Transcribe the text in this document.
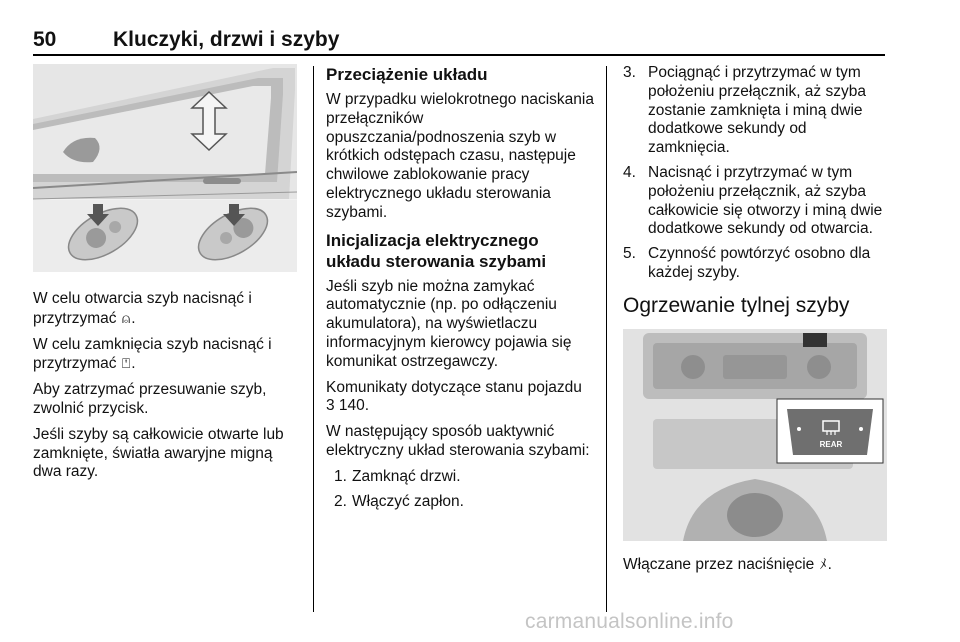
50	Kluczyki, drzwi i szyby

W celu otwarcia szyb nacisnąć i przytrzymać ⍝.

W celu zamknięcia szyb nacisnąć i przytrzymać ⍞.

Aby zatrzymać przesuwanie szyb, zwolnić przycisk.

Jeśli szyby są całkowicie otwarte lub zamknięte, światła awaryjne migną dwa razy.

Przeciążenie układu

W przypadku wielokrotnego naciskania przełączników opuszczania/podnoszenia szyb w krótkich odstępach czasu, następuje chwilowe zablokowanie pracy elektrycznego układu sterowania szybami.

Inicjalizacja elektrycznego układu sterowania szybami

Jeśli szyb nie można zamykać automatycznie (np. po odłączeniu akumulatora), na wyświetlaczu informacyjnym kierowcy pojawia się komunikat ostrzegawczy.

Komunikaty dotyczące stanu pojazdu
3 140.

W następujący sposób uaktywnić elektryczny układ sterowania szybami:

1. Zamknąć drzwi.
2. Włączyć zapłon.
3. Pociągnąć i przytrzymać w tym położeniu przełącznik, aż szyba zostanie zamknięta i miną dwie dodatkowe sekundy od zamknięcia.
4. Nacisnąć i przytrzymać w tym położeniu przełącznik, aż szyba całkowicie się otworzy i miną dwie dodatkowe sekundy od otwarcia.
5. Czynność powtórzyć osobno dla każdej szyby.
Ogrzewanie tylnej szyby
REAR

Włączane przez naciśnięcie ﾒ.

carmanualsonline.info
